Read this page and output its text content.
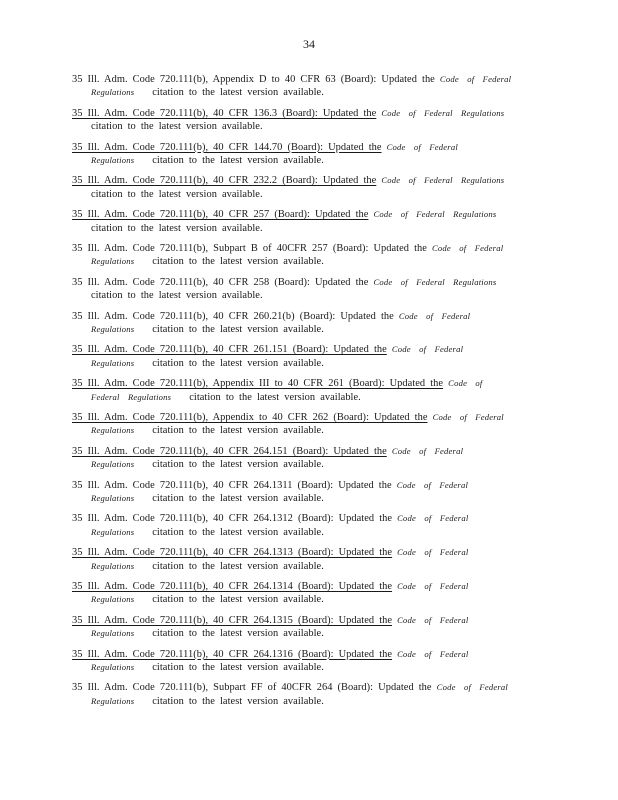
34
35 Ill. Adm. Code 720.111(b), Appendix D to 40 CFR 63 (Board): Updated the Code of Federal
Regulations citation to the latest version available.
35 Ill. Adm. Code 720.111(b), 40 CFR 136.3 (Board): Updated the Code of Federal Regulations
citation to the latest version available.
35 Ill. Adm. Code 720.111(b), 40 CFR 144.70 (Board): Updated the Code of Federal
Regulations citation to the latest version available.
35 Ill. Adm. Code 720.111(b), 40 CFR 232.2 (Board): Updated the Code of Federal Regulations
citation to the latest version available.
35 Ill. Adm. Code 720.111(b), 40 CFR 257 (Board): Updated the Code of Federal Regulations
citation to the latest version available.
35 Ill. Adm. Code 720.111(b), Subpart B of 40CFR 257 (Board): Updated the Code of Federal
Regulations citation to the latest version available.
35 Ill. Adm. Code 720.111(b), 40 CFR 258 (Board): Updated the Code of Federal Regulations
citation to the latest version available.
35 Ill. Adm. Code 720.111(b), 40 CFR 260.21(b) (Board): Updated the Code of Federal
Regulations citation to the latest version available.
35 Ill. Adm. Code 720.111(b), 40 CFR 261.151 (Board): Updated the Code of Federal
Regulations citation to the latest version available.
35 Ill. Adm. Code 720.111(b), Appendix III to 40 CFR 261 (Board): Updated the Code of
Federal Regulations citation to the latest version available.
35 Ill. Adm. Code 720.111(b), Appendix to 40 CFR 262 (Board): Updated the Code of Federal
Regulations citation to the latest version available.
35 Ill. Adm. Code 720.111(b), 40 CFR 264.151 (Board): Updated the Code of Federal
Regulations citation to the latest version available.
35 Ill. Adm. Code 720.111(b), 40 CFR 264.1311 (Board): Updated the Code of Federal
Regulations citation to the latest version available.
35 Ill. Adm. Code 720.111(b), 40 CFR 264.1312 (Board): Updated the Code of Federal
Regulations citation to the latest version available.
35 Ill. Adm. Code 720.111(b), 40 CFR 264.1313 (Board): Updated the Code of Federal
Regulations citation to the latest version available.
35 Ill. Adm. Code 720.111(b), 40 CFR 264.1314 (Board): Updated the Code of Federal
Regulations citation to the latest version available.
35 Ill. Adm. Code 720.111(b), 40 CFR 264.1315 (Board): Updated the Code of Federal
Regulations citation to the latest version available.
35 Ill. Adm. Code 720.111(b), 40 CFR 264.1316 (Board): Updated the Code of Federal
Regulations citation to the latest version available.
35 Ill. Adm. Code 720.111(b), Subpart FF of 40CFR 264 (Board): Updated the Code of Federal
Regulations citation to the latest version available.
